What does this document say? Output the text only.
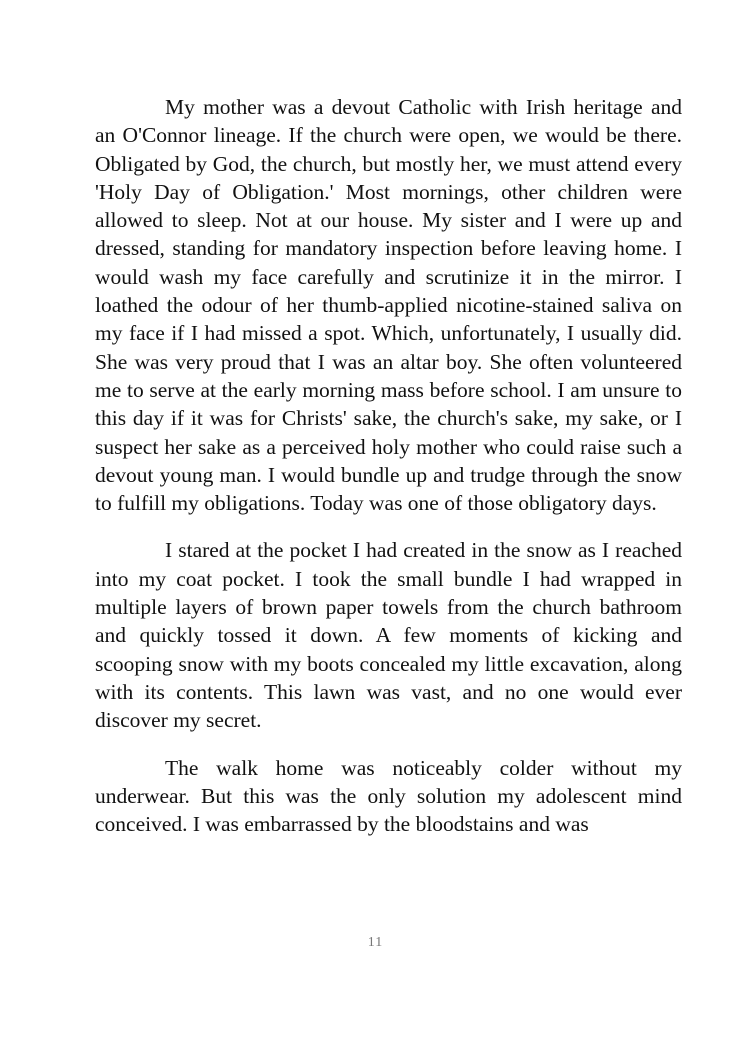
My mother was a devout Catholic with Irish heritage and an O'Connor lineage. If the church were open, we would be there. Obligated by God, the church, but mostly her, we must attend every 'Holy Day of Obligation.' Most mornings, other children were allowed to sleep. Not at our house. My sister and I were up and dressed, standing for mandatory inspection before leaving home. I would wash my face carefully and scrutinize it in the mirror. I loathed the odour of her thumb-applied nicotine-stained saliva on my face if I had missed a spot. Which, unfortunately, I usually did. She was very proud that I was an altar boy. She often volunteered me to serve at the early morning mass before school. I am unsure to this day if it was for Christs' sake, the church's sake, my sake, or I suspect her sake as a perceived holy mother who could raise such a devout young man. I would bundle up and trudge through the snow to fulfill my obligations. Today was one of those obligatory days.

I stared at the pocket I had created in the snow as I reached into my coat pocket. I took the small bundle I had wrapped in multiple layers of brown paper towels from the church bathroom and quickly tossed it down. A few moments of kicking and scooping snow with my boots concealed my little excavation, along with its contents. This lawn was vast, and no one would ever discover my secret.

The walk home was noticeably colder without my underwear. But this was the only solution my adolescent mind conceived. I was embarrassed by the bloodstains and was

11
